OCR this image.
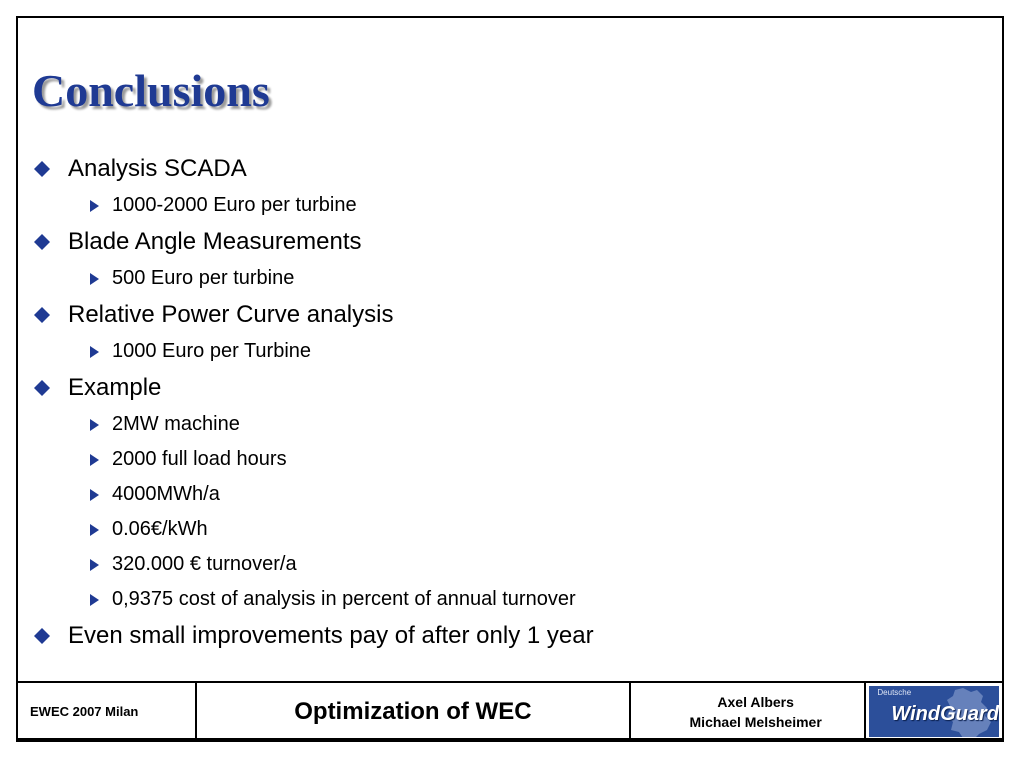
Conclusions
Analysis SCADA
1000-2000 Euro per turbine
Blade Angle Measurements
500 Euro per turbine
Relative Power Curve analysis
1000 Euro per Turbine
Example
2MW machine
2000 full load hours
4000MWh/a
0.06€/kWh
320.000 € turnover/a
0,9375 cost of analysis in percent of annual turnover
Even small improvements pay of after only 1 year
EWEC 2007 Milan	Optimization of WEC	Axel Albers
Michael Melsheimer
Deutsche
WindGuard
